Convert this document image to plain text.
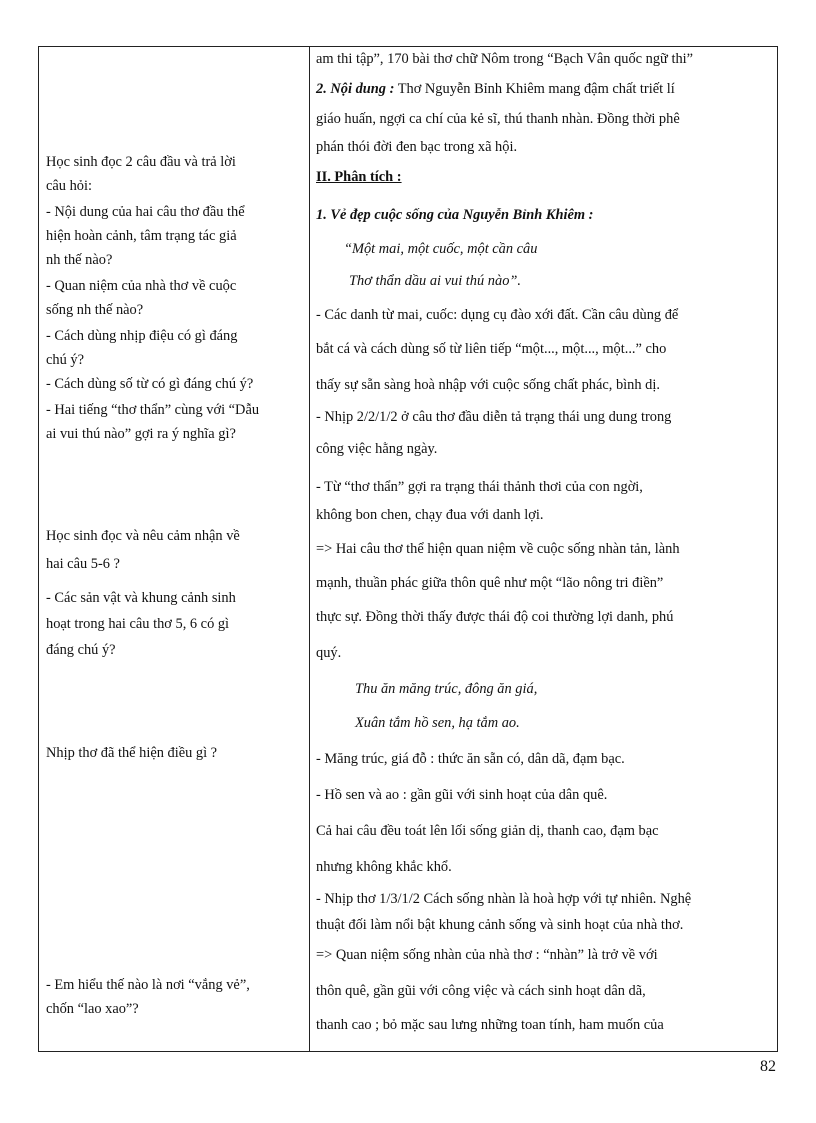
Học sinh đọc 2 câu đầu và trả lời
câu hỏi:
- Nội dung của hai câu thơ đầu thể
hiện hoàn cảnh, tâm trạng tác giả
nh thế nào?
- Quan niệm của nhà thơ về cuộc
sống nh thế nào?
- Cách dùng nhịp điệu có gì đáng
chú ý?
- Cách dùng số từ có gì đáng chú ý?
- Hai tiếng “thơ thẩn” cùng với “Dẫu
ai vui thú nào” gợi ra ý nghĩa gì?
Học sinh đọc và nêu cảm nhận về
hai câu 5-6 ?
- Các sản vật và khung cảnh sinh
hoạt trong hai câu thơ 5, 6 có gì
đáng chú ý?
Nhịp thơ đã thể hiện điều gì ?
- Em hiểu thế nào là nơi “vắng vẻ”,
chốn “lao xao”?
am thi tập”, 170 bài thơ chữ Nôm trong “Bạch Vân quốc ngữ thi”
2. Nội dung : Thơ Nguyễn Bỉnh Khiêm mang đậm chất triết lí
giáo huấn, ngợi ca chí của kẻ sĩ, thú thanh nhàn. Đồng thời phê
phán thói đời đen bạc trong xã hội.
II. Phân tích :
1. Vẻ đẹp cuộc sống của Nguyễn Bỉnh Khiêm :
“Một mai, một cuốc, một cần câu
Thơ thẩn dầu ai vui thú nào”.
- Các danh từ mai, cuốc: dụng cụ đào xới đất. Cần câu dùng để
bắt cá và cách dùng số từ liên tiếp “một..., một..., một...” cho
thấy sự sẵn sàng hoà nhập với cuộc sống chất phác, bình dị.
- Nhịp 2/2/1/2 ở câu thơ đầu diễn tả trạng thái ung dung trong
công việc hằng ngày.
- Từ “thơ thẩn” gợi ra trạng thái thảnh thơi của con ngời,
không bon chen, chạy đua với danh lợi.
=> Hai câu thơ thể hiện quan niệm về cuộc sống nhàn tản, lành
mạnh, thuần phác giữa thôn quê như một “lão nông tri điền”
thực sự. Đồng thời thấy được thái độ coi thường lợi danh, phú
quý.
Thu ăn măng trúc, đông ăn giá,
Xuân tắm hồ sen, hạ tắm ao.
- Măng trúc, giá đỗ : thức ăn sẵn có, dân dã, đạm bạc.
- Hồ sen và ao : gần gũi với sinh hoạt của dân quê.
Cả hai câu đều toát lên lối sống giản dị, thanh cao, đạm bạc
nhưng không khắc khổ.
- Nhịp thơ 1/3/1/2 Cách sống nhàn là hoà hợp với tự nhiên. Nghệ
thuật đối làm nổi bật khung cảnh sống và sinh hoạt của nhà thơ.
=> Quan niệm sống nhàn của nhà thơ : “nhàn” là trở về với
thôn quê, gần gũi với công việc và cách sinh hoạt dân dã,
thanh cao ; bỏ mặc sau lưng những toan tính, ham muốn của
82
